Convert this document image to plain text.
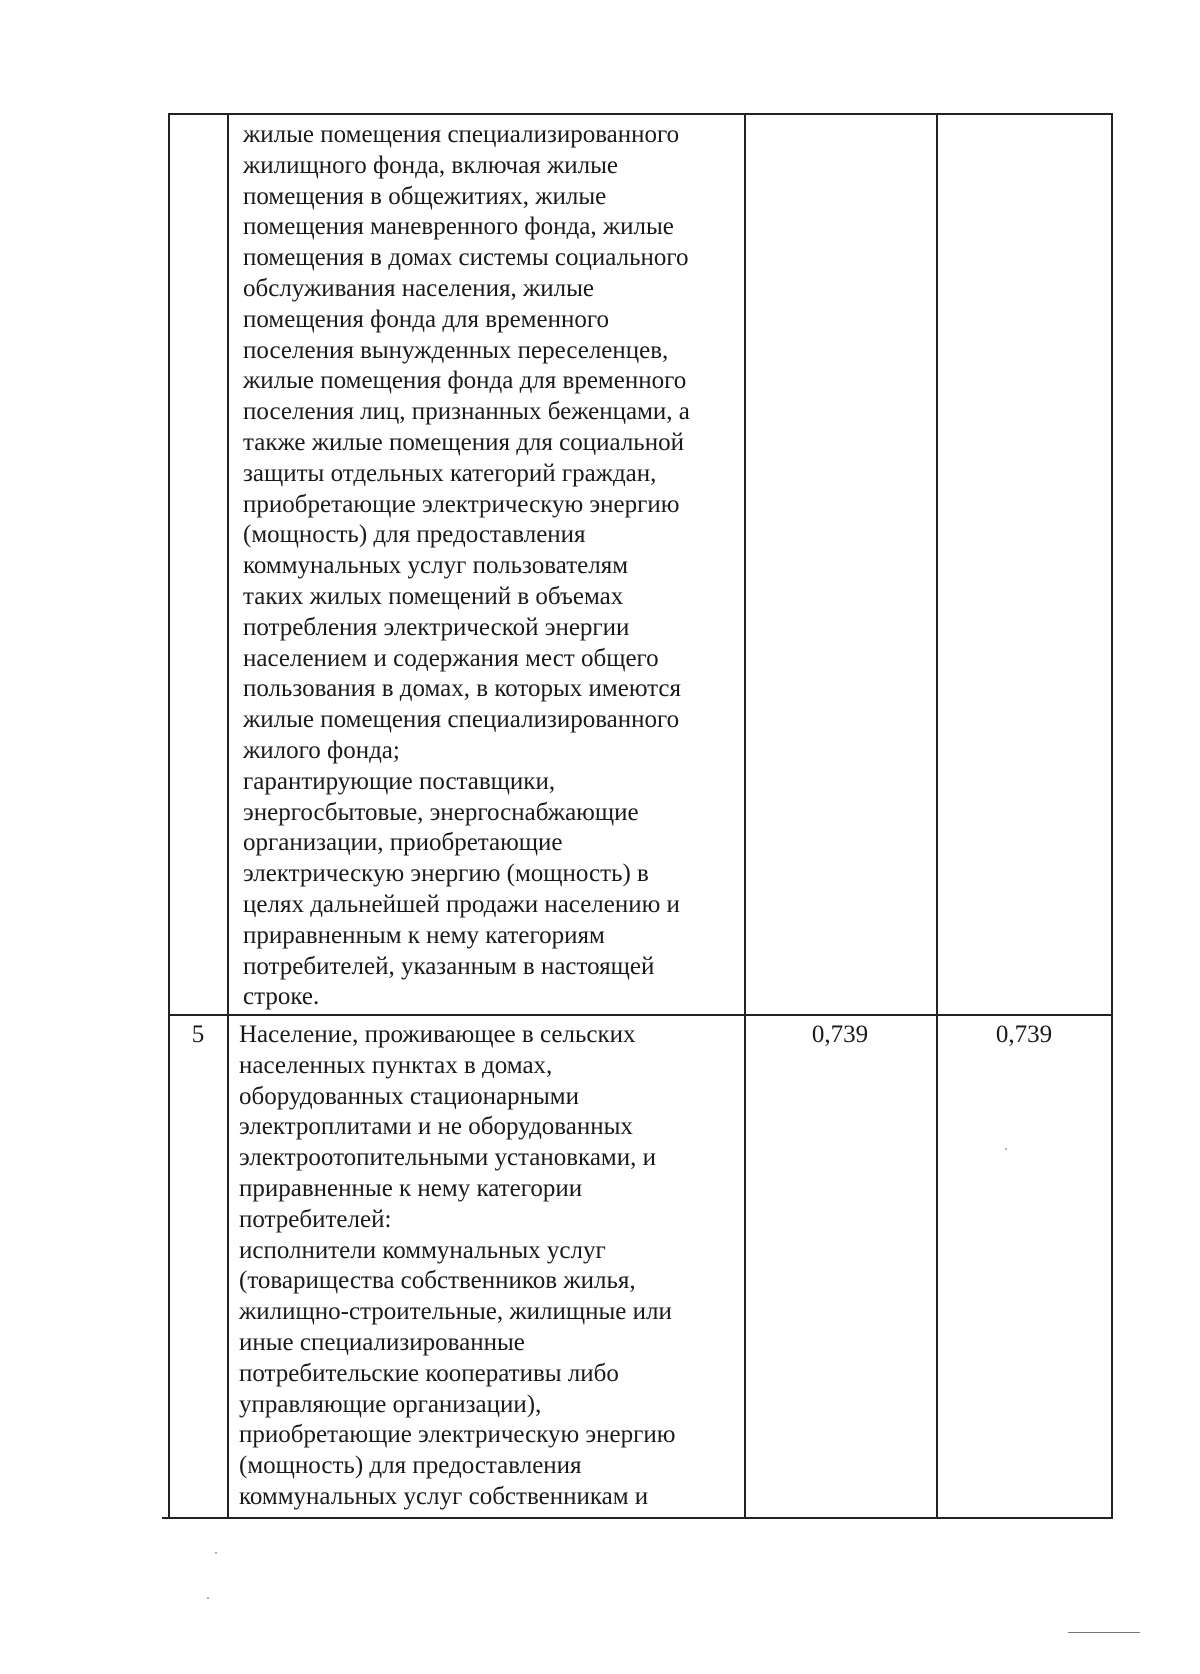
жилые помещения специализированного
жилищного фонда, включая жилые
помещения в общежитиях, жилые
помещения маневренного фонда, жилые
помещения в домах системы социального
обслуживания населения, жилые
помещения фонда для временного
поселения вынужденных переселенцев,
жилые помещения фонда для временного
поселения лиц, признанных беженцами, а
также жилые помещения для социальной
защиты отдельных категорий граждан,
приобретающие электрическую энергию
(мощность) для предоставления
коммунальных услуг пользователям
таких жилых помещений в объемах
потребления электрической энергии
населением и содержания мест общего
пользования в домах, в которых имеются
жилые помещения специализированного
жилого фонда;
гарантирующие поставщики,
энергосбытовые, энергоснабжающие
организации, приобретающие
электрическую энергию (мощность) в
целях дальнейшей продажи населению и
приравненным к нему категориям
потребителей, указанным в настоящей
строке.
5	0,739	0,739
Население, проживающее в сельских
населенных пунктах в домах,
оборудованных стационарными
электроплитами и не оборудованных
электроотопительными установками, и
приравненные к нему категории
потребителей:
исполнители коммунальных услуг
(товарищества собственников жилья,
жилищно-строительные, жилищные или
иные специализированные
потребительские кооперативы либо
управляющие организации),
приобретающие электрическую энергию
(мощность) для предоставления
коммунальных услуг собственникам и
